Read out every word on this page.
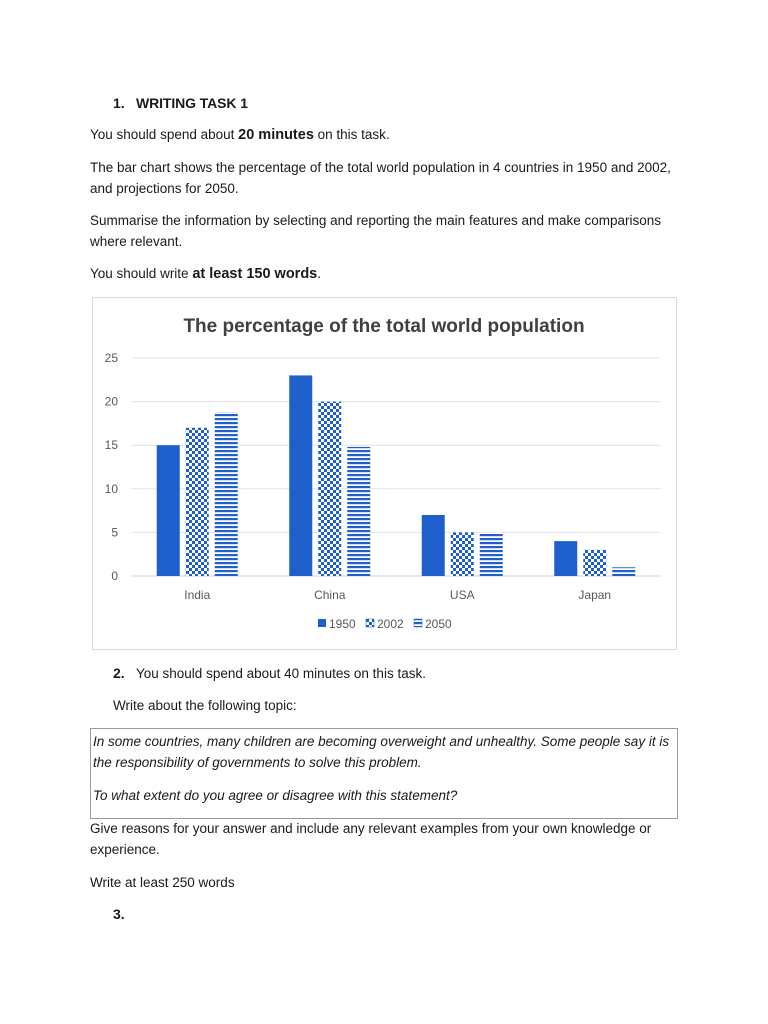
1. WRITING TASK 1

You should spend about 20 minutes on this task.

The bar chart shows the percentage of the total world population in 4 countries in 1950 and 2002, and projections for 2050.

Summarise the information by selecting and reporting the main features and make comparisons where relevant.

You should write at least 150 words.

The percentage of the total world population
0
5
10
15
20
25
India	China	USA	Japan
1950 2002 2050
2. You should spend about 40 minutes on this task.
Write about the following topic:

In some countries, many children are becoming overweight and unhealthy. Some people say it is the responsibility of governments to solve this problem.

To what extent do you agree or disagree with this statement?

Give reasons for your answer and include any relevant examples from your own knowledge or experience.

Write at least 250 words

3.
